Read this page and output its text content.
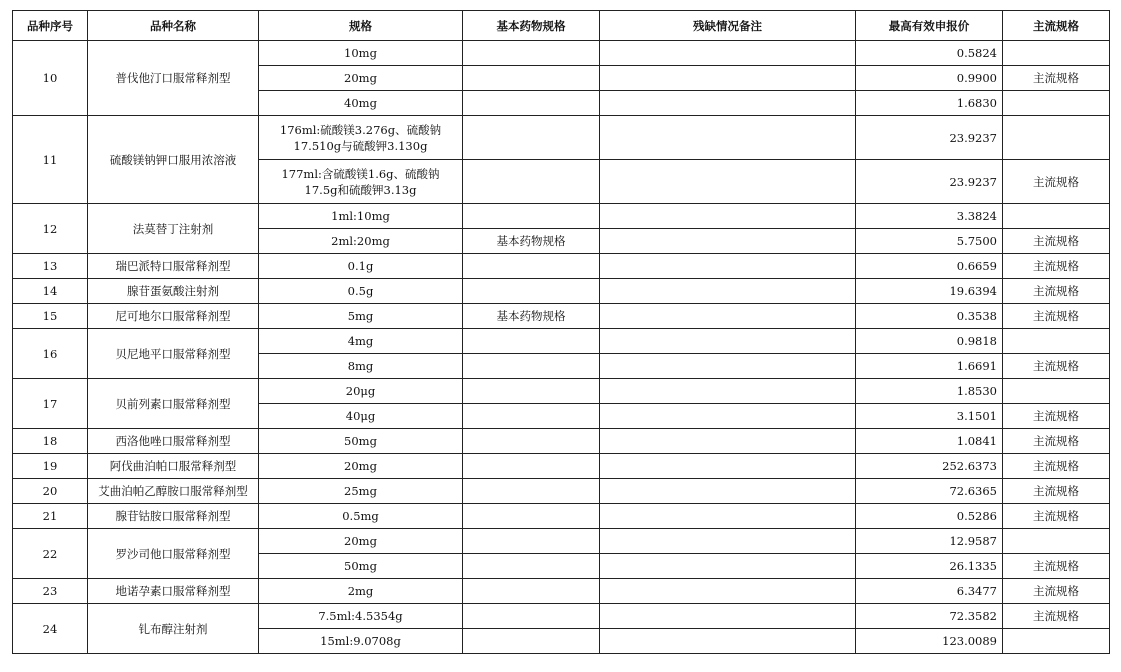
品种序号	品种名称	规格	基本药物规格	残缺情况备注	最高有效申报价	主流规格
10	普伐他汀口服常释剂型	10mg			0.5824	
		20mg			0.9900	主流规格
		40mg			1.6830	
11	硫酸镁钠钾口服用浓溶液	176ml:硫酸镁3.276g、硫酸钠17.510g与硫酸钾3.130g			23.9237	
		177ml:含硫酸镁1.6g、硫酸钠17.5g和硫酸钾3.13g			23.9237	主流规格
12	法莫替丁注射剂	1ml:10mg			3.3824	
		2ml:20mg	基本药物规格		5.7500	主流规格
13	瑞巴派特口服常释剂型	0.1g			0.6659	主流规格
14	腺苷蛋氨酸注射剂	0.5g			19.6394	主流规格
15	尼可地尔口服常释剂型	5mg	基本药物规格		0.3538	主流规格
16	贝尼地平口服常释剂型	4mg			0.9818	
		8mg			1.6691	主流规格
17	贝前列素口服常释剂型	20μg			1.8530	
		40μg			3.1501	主流规格
18	西洛他唑口服常释剂型	50mg			1.0841	主流规格
19	阿伐曲泊帕口服常释剂型	20mg			252.6373	主流规格
20	艾曲泊帕乙醇胺口服常释剂型	25mg			72.6365	主流规格
21	腺苷钴胺口服常释剂型	0.5mg			0.5286	主流规格
22	罗沙司他口服常释剂型	20mg			12.9587	
		50mg			26.1335	主流规格
23	地诺孕素口服常释剂型	2mg			6.3477	主流规格
24	钆布醇注射剂	7.5ml:4.5354g			72.3582	主流规格
		15ml:9.0708g			123.0089	
